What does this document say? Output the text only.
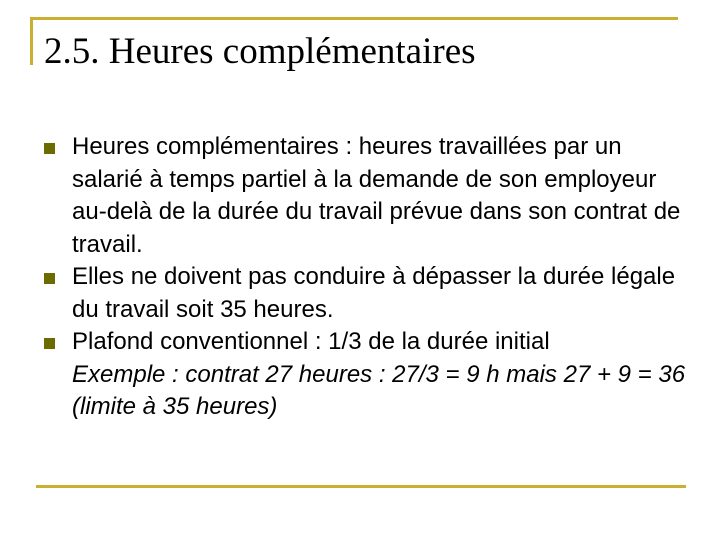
2.5. Heures complémentaires
Heures complémentaires : heures travaillées par un salarié à temps partiel à la demande de son employeur au-delà de la durée du travail prévue dans son contrat de travail.
Elles ne doivent pas conduire à dépasser la durée légale du travail soit 35 heures.
Plafond conventionnel : 1/3 de la durée initial
Exemple : contrat 27 heures : 27/3 = 9 h mais 27 + 9 = 36 (limite à 35 heures)
